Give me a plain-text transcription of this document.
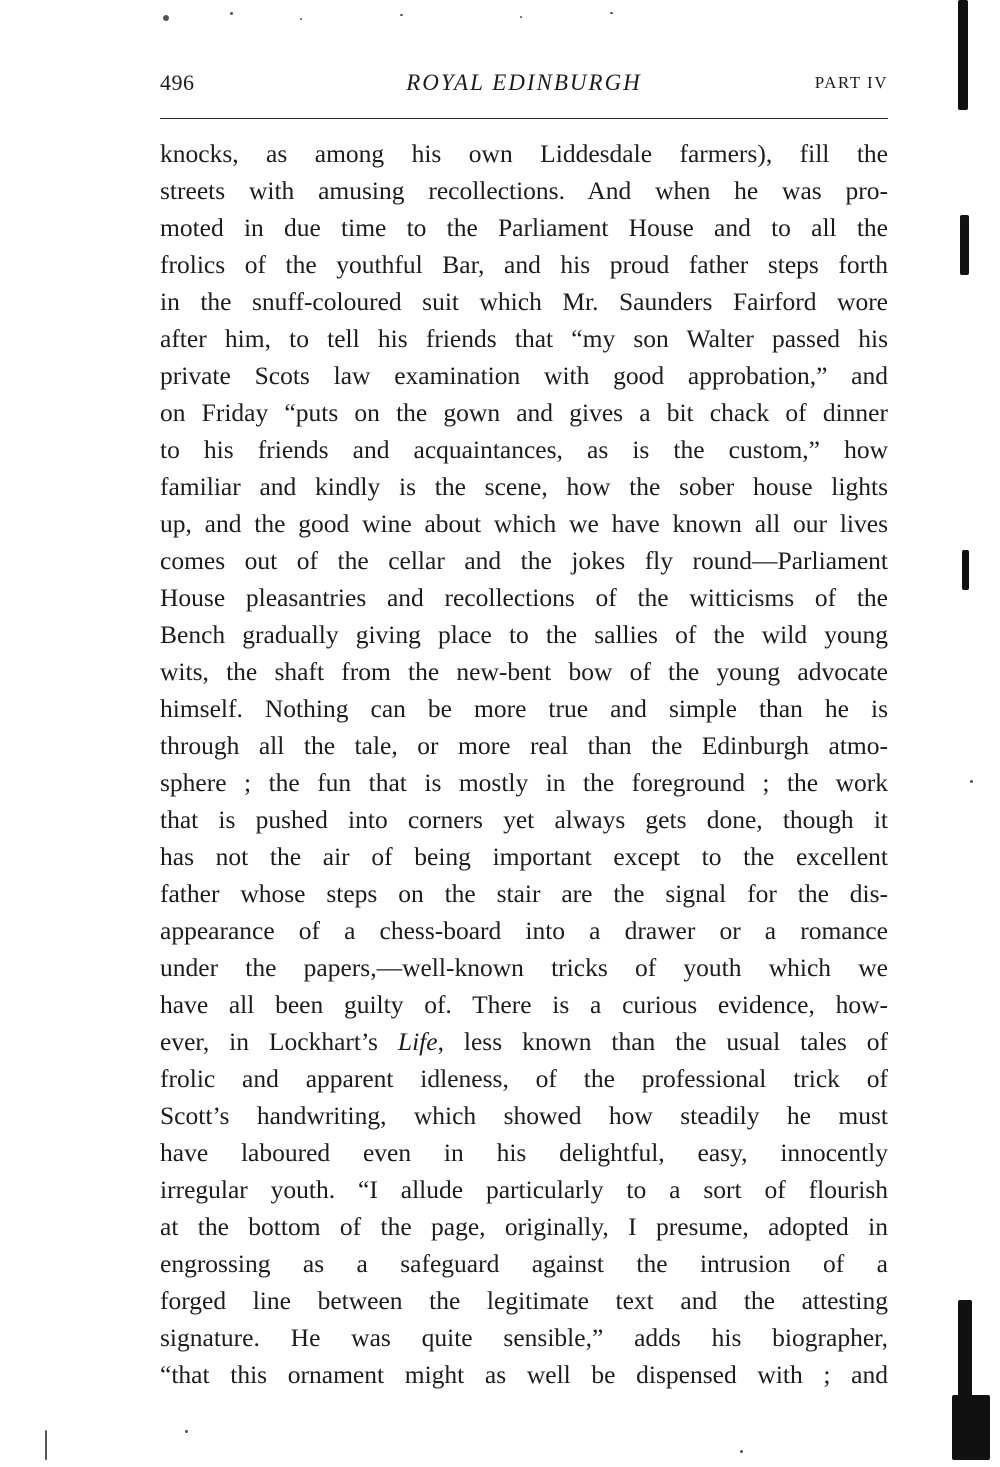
496	ROYAL EDINBURGH	PART IV
knocks, as among his own Liddesdale farmers), fill the
streets with amusing recollections. And when he was pro-
moted in due time to the Parliament House and to all the
frolics of the youthful Bar, and his proud father steps forth
in the snuff-coloured suit which Mr. Saunders Fairford wore
after him, to tell his friends that “my son Walter passed his
private Scots law examination with good approbation,” and
on Friday “puts on the gown and gives a bit chack of dinner
to his friends and acquaintances, as is the custom,” how
familiar and kindly is the scene, how the sober house lights
up, and the good wine about which we have known all our lives
comes out of the cellar and the jokes fly round—Parliament
House pleasantries and recollections of the witticisms of the
Bench gradually giving place to the sallies of the wild young
wits, the shaft from the new-bent bow of the young advocate
himself. Nothing can be more true and simple than he is
through all the tale, or more real than the Edinburgh atmo-
sphere ; the fun that is mostly in the foreground ; the work
that is pushed into corners yet always gets done, though it
has not the air of being important except to the excellent
father whose steps on the stair are the signal for the dis-
appearance of a chess-board into a drawer or a romance
under the papers,—well-known tricks of youth which we
have all been guilty of. There is a curious evidence, how-
ever, in Lockhart’s Life, less known than the usual tales of
frolic and apparent idleness, of the professional trick of
Scott’s handwriting, which showed how steadily he must
have laboured even in his delightful, easy, innocently
irregular youth. “I allude particularly to a sort of flourish
at the bottom of the page, originally, I presume, adopted in
engrossing as a safeguard against the intrusion of a
forged line between the legitimate text and the attesting
signature. He was quite sensible,” adds his biographer,
“that this ornament might as well be dispensed with ; and
